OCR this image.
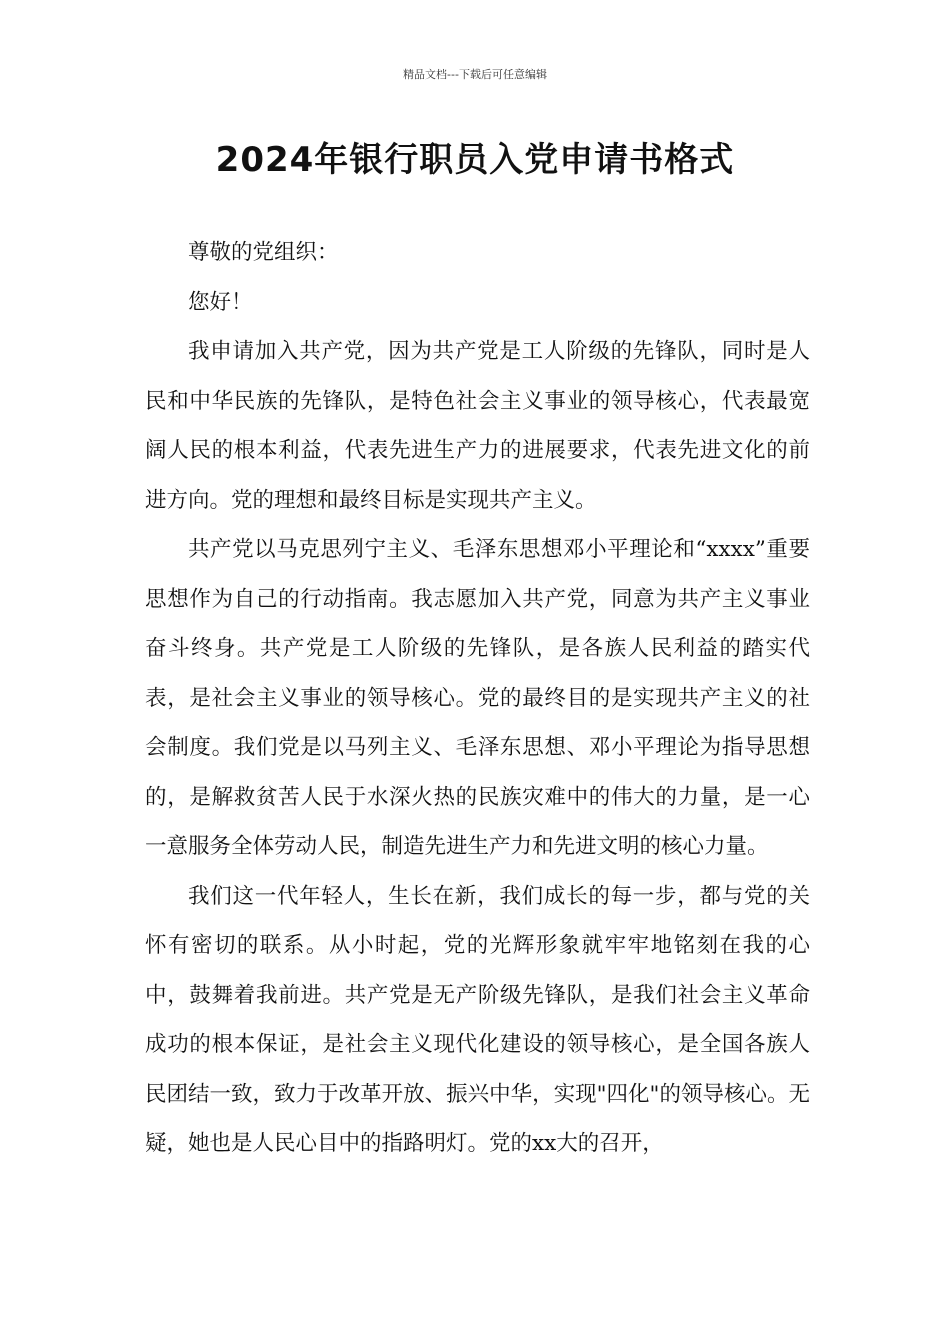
精品文档---下载后可任意编辑
2024年银行职员入党申请书格式

尊敬的党组织：

您好！

我申请加入共产党，因为共产党是工人阶级的先锋队，同时是人民和中华民族的先锋队，是特色社会主义事业的领导核心，代表最宽阔人民的根本利益，代表先进生产力的进展要求，代表先进文化的前进方向。党的理想和最终目标是实现共产主义。

共产党以马克思列宁主义、毛泽东思想邓小平理论和“xxxx”重要思想作为自己的行动指南。我志愿加入共产党，同意为共产主义事业奋斗终身。共产党是工人阶级的先锋队，是各族人民利益的踏实代表，是社会主义事业的领导核心。党的最终目的是实现共产主义的社会制度。我们党是以马列主义、毛泽东思想、邓小平理论为指导思想的，是解救贫苦人民于水深火热的民族灾难中的伟大的力量，是一心一意服务全体劳动人民，制造先进生产力和先进文明的核心力量。

我们这一代年轻人，生长在新，我们成长的每一步，都与党的关怀有密切的联系。从小时起，党的光辉形象就牢牢地铭刻在我的心中，鼓舞着我前进。共产党是无产阶级先锋队，是我们社会主义革命成功的根本保证，是社会主义现代化建设的领导核心，是全国各族人民团结一致，致力于改革开放、振兴中华，实现"四化"的领导核心。无疑，她也是人民心目中的指路明灯。党的xx大的召开，
